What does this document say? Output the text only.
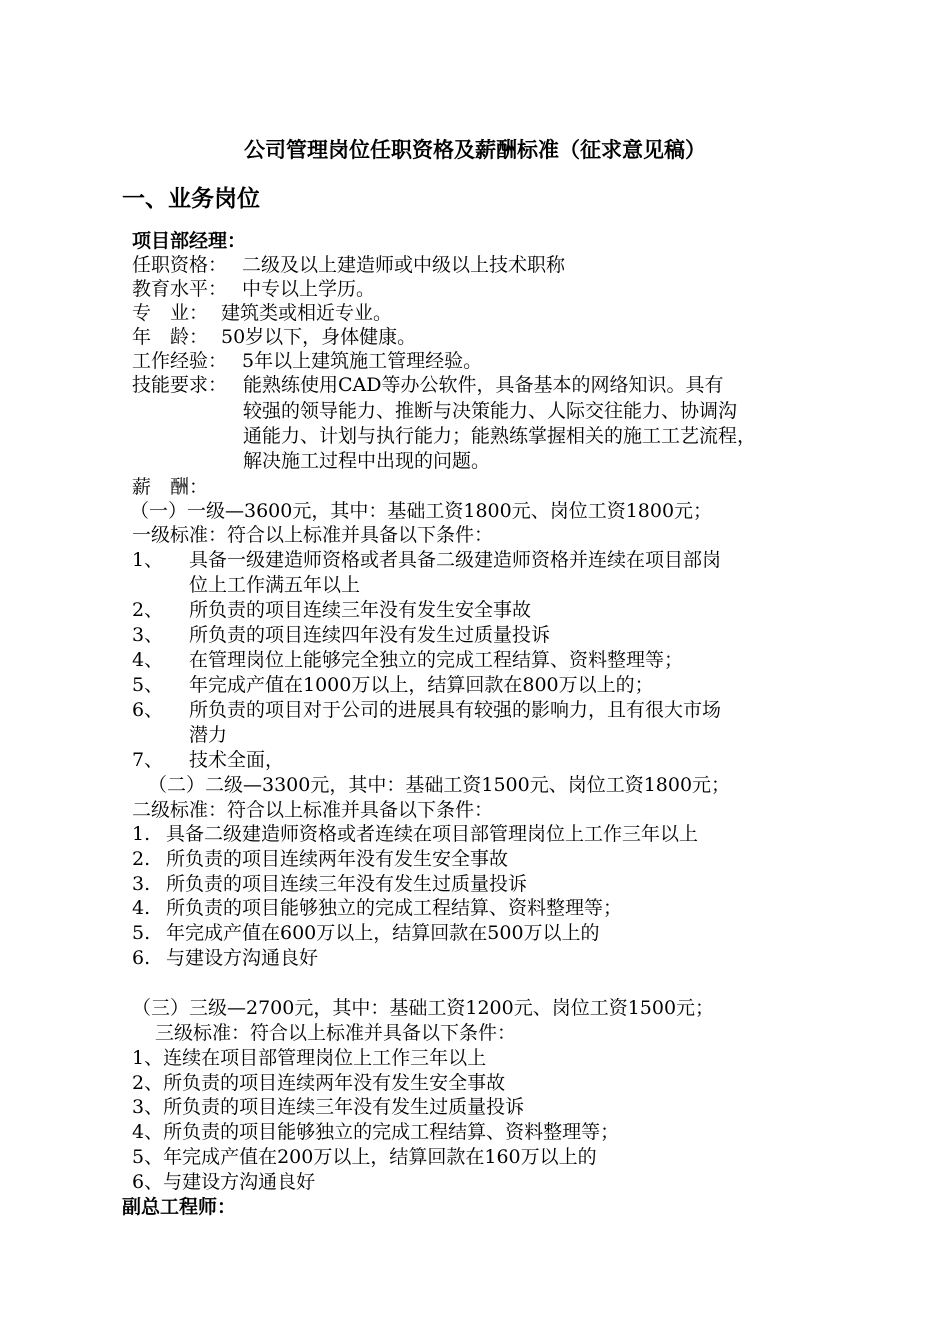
公司管理岗位任职资格及薪酬标准（征求意见稿）
一、业务岗位
项目部经理：
任职资格： 二级及以上建造师或中级以上技术职称
教育水平： 中专以上学历。
专　业： 建筑类或相近专业。
年　龄： 50岁以下，身体健康。
工作经验： 5年以上建筑施工管理经验。
技能要求： 能熟练使用CAD等办公软件，具备基本的网络知识。具有
较强的领导能力、推断与决策能力、人际交往能力、协调沟
通能力、计划与执行能力；能熟练掌握相关的施工工艺流程，
解决施工过程中出现的问题。
薪　酬：
（一）一级—3600元，其中：基础工资1800元、岗位工资1800元；
一级标准：符合以上标准并具备以下条件：
1、 具备一级建造师资格或者具备二级建造师资格并连续在项目部岗
位上工作满五年以上
2、 所负责的项目连续三年没有发生安全事故
3、 所负责的项目连续四年没有发生过质量投诉
4、 在管理岗位上能够完全独立的完成工程结算、资料整理等；
5、 年完成产值在1000万以上，结算回款在800万以上的；
6、 所负责的项目对于公司的进展具有较强的影响力，且有很大市场
潜力
7、 技术全面，
（二）二级—3300元，其中：基础工资1500元、岗位工资1800元；
二级标准：符合以上标准并具备以下条件：
1. 具备二级建造师资格或者连续在项目部管理岗位上工作三年以上
2. 所负责的项目连续两年没有发生安全事故
3. 所负责的项目连续三年没有发生过质量投诉
4. 所负责的项目能够独立的完成工程结算、资料整理等；
5. 年完成产值在600万以上，结算回款在500万以上的
6. 与建设方沟通良好
（三）三级—2700元，其中：基础工资1200元、岗位工资1500元；
三级标准：符合以上标准并具备以下条件：
1、连续在项目部管理岗位上工作三年以上
2、所负责的项目连续两年没有发生安全事故
3、所负责的项目连续三年没有发生过质量投诉
4、所负责的项目能够独立的完成工程结算、资料整理等；
5、年完成产值在200万以上，结算回款在160万以上的
6、与建设方沟通良好
副总工程师：
